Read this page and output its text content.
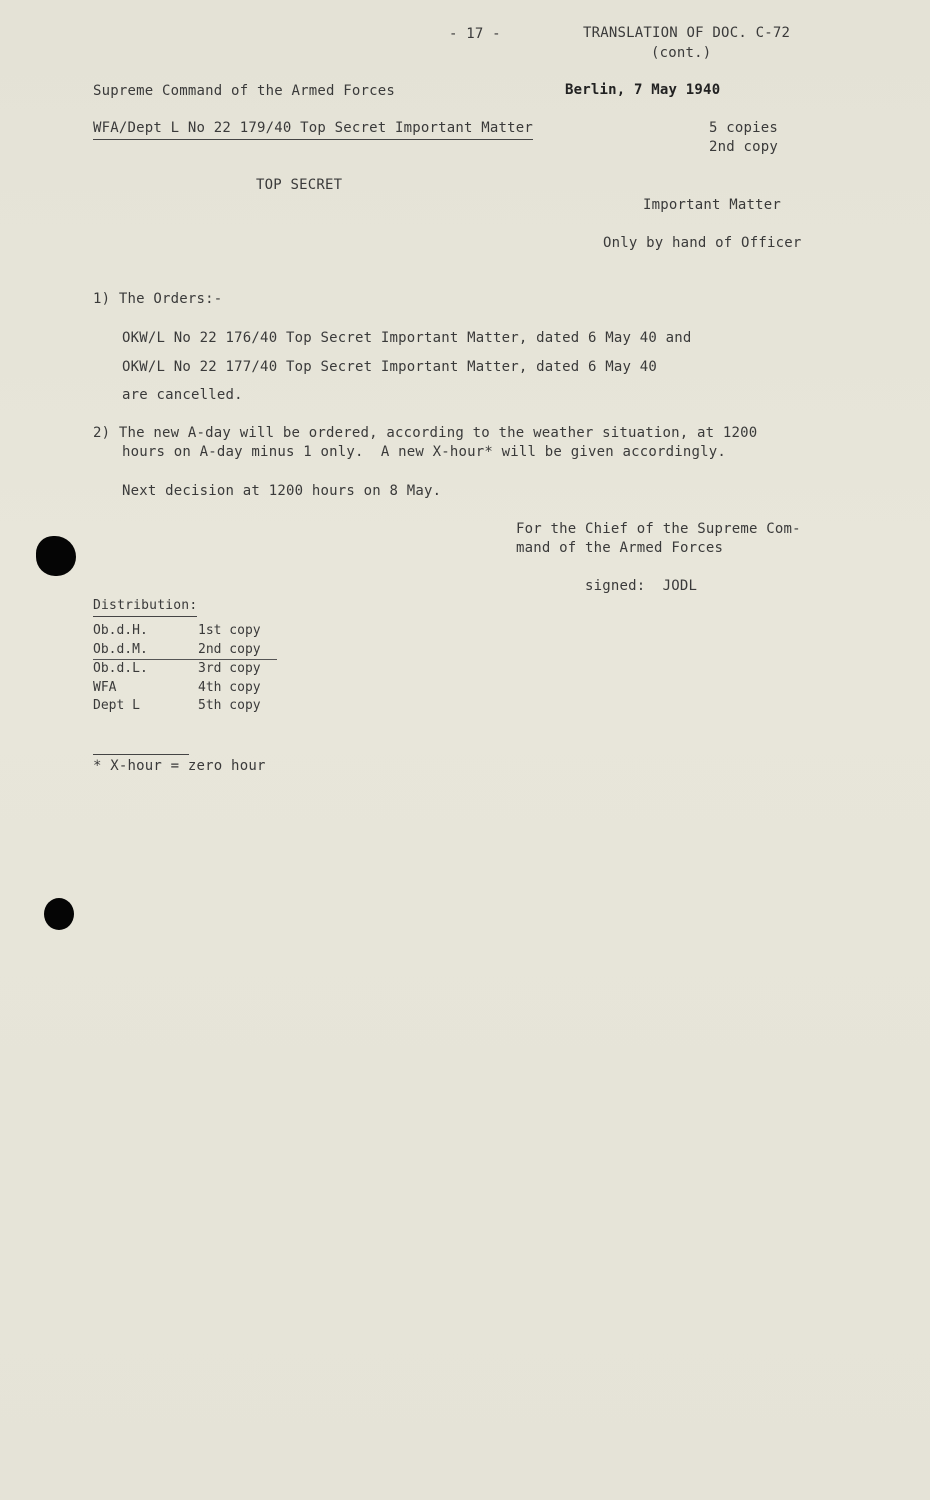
- 17 -	TRANSLATION OF DOC. C-72
(cont.)
Supreme Command of the Armed Forces	Berlin, 7 May 1940
WFA/Dept L No 22 179/40 Top Secret Important Matter	5 copies
2nd copy
TOP SECRET
Important Matter
Only by hand of Officer
1) The Orders:-
OKW/L No 22 176/40 Top Secret Important Matter, dated 6 May 40 and
OKW/L No 22 177/40 Top Secret Important Matter, dated 6 May 40
are cancelled.
2) The new A-day will be ordered, according to the weather situation, at 1200
hours on A-day minus 1 only.  A new X-hour* will be given accordingly.
Next decision at 1200 hours on 8 May.
For the Chief of the Supreme Com-
mand of the Armed Forces
signed:  JODL
Distribution:
Ob.d.H.	1st copy
Ob.d.M.	2nd copy
Ob.d.L.	3rd copy
WFA	4th copy
Dept L	5th copy
* X-hour = zero hour
